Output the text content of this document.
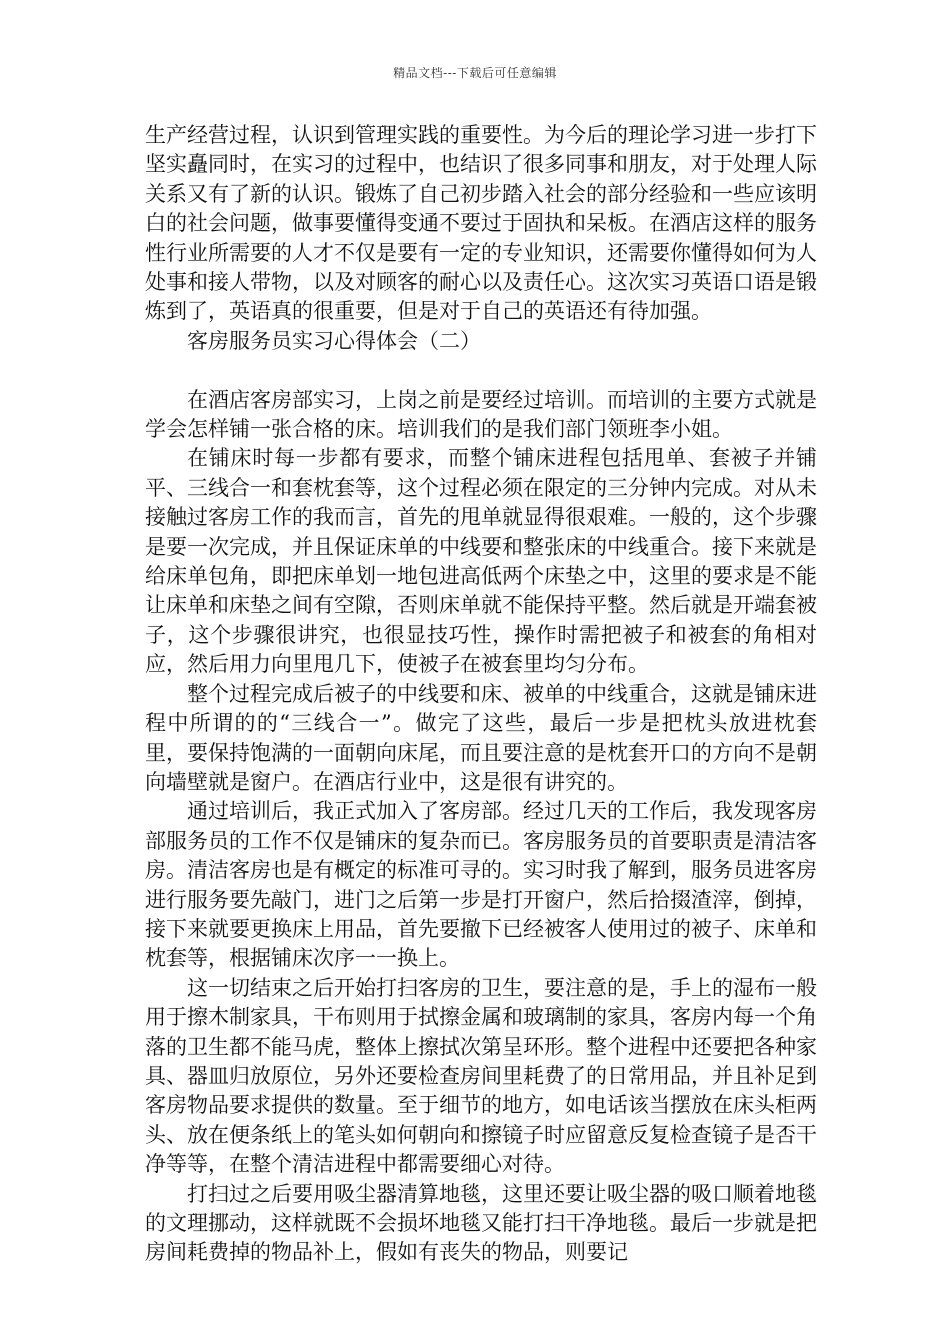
精品文档---下载后可任意编辑

生产经营过程，认识到管理实践的重要性。为今后的理论学习进一步打下坚实矗同时，在实习的过程中，也结识了很多同事和朋友，对于处理人际关系又有了新的认识。锻炼了自己初步踏入社会的部分经验和一些应该明白的社会问题，做事要懂得变通不要过于固执和呆板。在酒店这样的服务性行业所需要的人才不仅是要有一定的专业知识，还需要你懂得如何为人处事和接人带物，以及对顾客的耐心以及责任心。这次实习英语口语是锻炼到了，英语真的很重要，但是对于自己的英语还有待加强。

客房服务员实习心得体会（二）

在酒店客房部实习，上岗之前是要经过培训。而培训的主要方式就是学会怎样铺一张合格的床。培训我们的是我们部门领班李小姐。

在铺床时每一步都有要求，而整个铺床进程包括甩单、套被子并铺平、三线合一和套枕套等，这个过程必须在限定的三分钟内完成。对从未接触过客房工作的我而言，首先的甩单就显得很艰难。一般的，这个步骤是要一次完成，并且保证床单的中线要和整张床的中线重合。接下来就是给床单包角，即把床单划一地包进高低两个床垫之中，这里的要求是不能让床单和床垫之间有空隙，否则床单就不能保持平整。然后就是开端套被子，这个步骤很讲究，也很显技巧性，操作时需把被子和被套的角相对应，然后用力向里甩几下，使被子在被套里均匀分布。

整个过程完成后被子的中线要和床、被单的中线重合，这就是铺床进程中所谓的的“三线合一”。做完了这些，最后一步是把枕头放进枕套里，要保持饱满的一面朝向床尾，而且要注意的是枕套开口的方向不是朝向墙壁就是窗户。在酒店行业中，这是很有讲究的。

通过培训后，我正式加入了客房部。经过几天的工作后，我发现客房部服务员的工作不仅是铺床的复杂而已。客房服务员的首要职责是清洁客房。清洁客房也是有概定的标准可寻的。实习时我了解到，服务员进客房进行服务要先敲门，进门之后第一步是打开窗户，然后拾掇渣滓，倒掉，接下来就要更换床上用品，首先要撤下已经被客人使用过的被子、床单和枕套等，根据铺床次序一一换上。

这一切结束之后开始打扫客房的卫生，要注意的是，手上的湿布一般用于擦木制家具，干布则用于拭擦金属和玻璃制的家具，客房内每一个角落的卫生都不能马虎，整体上擦拭次第呈环形。整个进程中还要把各种家具、器皿归放原位，另外还要检查房间里耗费了的日常用品，并且补足到客房物品要求提供的数量。至于细节的地方，如电话该当摆放在床头柜两头、放在便条纸上的笔头如何朝向和擦镜子时应留意反复检查镜子是否干净等等，在整个清洁进程中都需要细心对待。

打扫过之后要用吸尘器清算地毯，这里还要让吸尘器的吸口顺着地毯的文理挪动，这样就既不会损坏地毯又能打扫干净地毯。最后一步就是把房间耗费掉的物品补上，假如有丧失的物品，则要记
